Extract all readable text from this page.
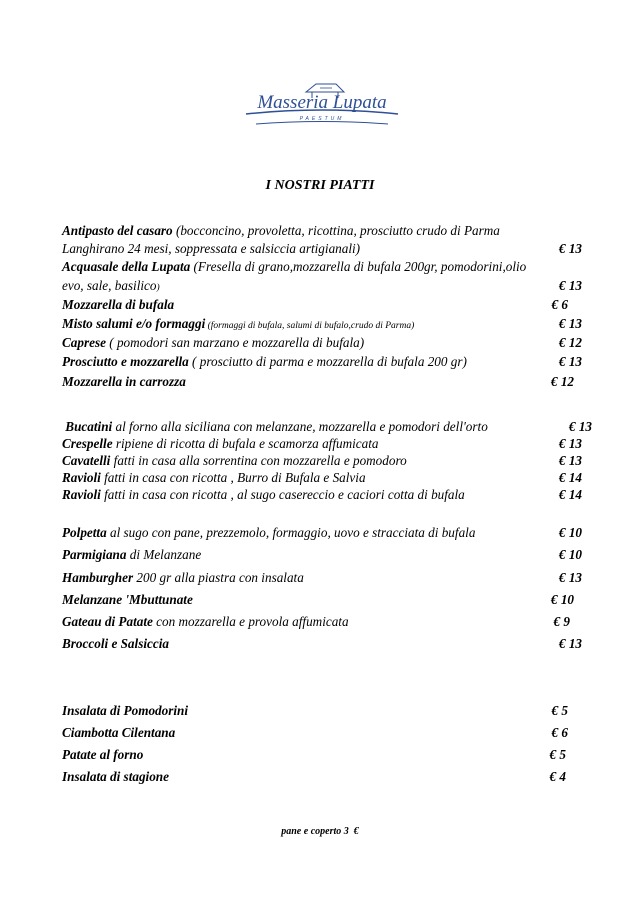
Masseria Lupata
PAESTUM
I NOSTRI PIATTI
Antipasto del casaro (bocconcino, provoletta, ricottina, prosciutto crudo di Parma
Langhirano 24 mesi, soppressata e salsiccia artigianali)	€ 13
Acquasale della Lupata (Fresella di grano,mozzarella di bufala 200gr, pomodorini,olio
evo, sale, basilico)	€ 13
Mozzarella di bufala	€ 6
Misto salumi e/o formaggi (formaggi di bufala, salumi di bufalo,crudo di Parma)	€ 13
Caprese ( pomodori san marzano e mozzarella di bufala)	€ 12
Prosciutto e mozzarella ( prosciutto di parma e mozzarella di bufala 200 gr)	€ 13
Mozzarella in carrozza	€ 12
Bucatini al forno alla siciliana con melanzane, mozzarella e pomodori dell'orto	€ 13
Crespelle ripiene di ricotta di bufala e scamorza affumicata	€ 13
Cavatelli fatti in casa alla sorrentina con mozzarella e pomodoro	€ 13
Ravioli fatti in casa con ricotta , Burro di Bufala e Salvia	€ 14
Ravioli fatti in casa con ricotta , al sugo casereccio e caciori cotta di bufala	€ 14
Polpetta al sugo con pane, prezzemolo, formaggio, uovo e stracciata di bufala	€ 10
Parmigiana di Melanzane	€ 10
Hamburgher 200 gr alla piastra con insalata	€ 13
Melanzane 'Mbuttunate	€ 10
Gateau di Patate con mozzarella e provola affumicata	€ 9
Broccoli e Salsiccia	€ 13
Insalata di Pomodorini	€ 5
Ciambotta Cilentana	€ 6
Patate al forno	€ 5
Insalata di stagione	€ 4
pane e coperto 3  €
